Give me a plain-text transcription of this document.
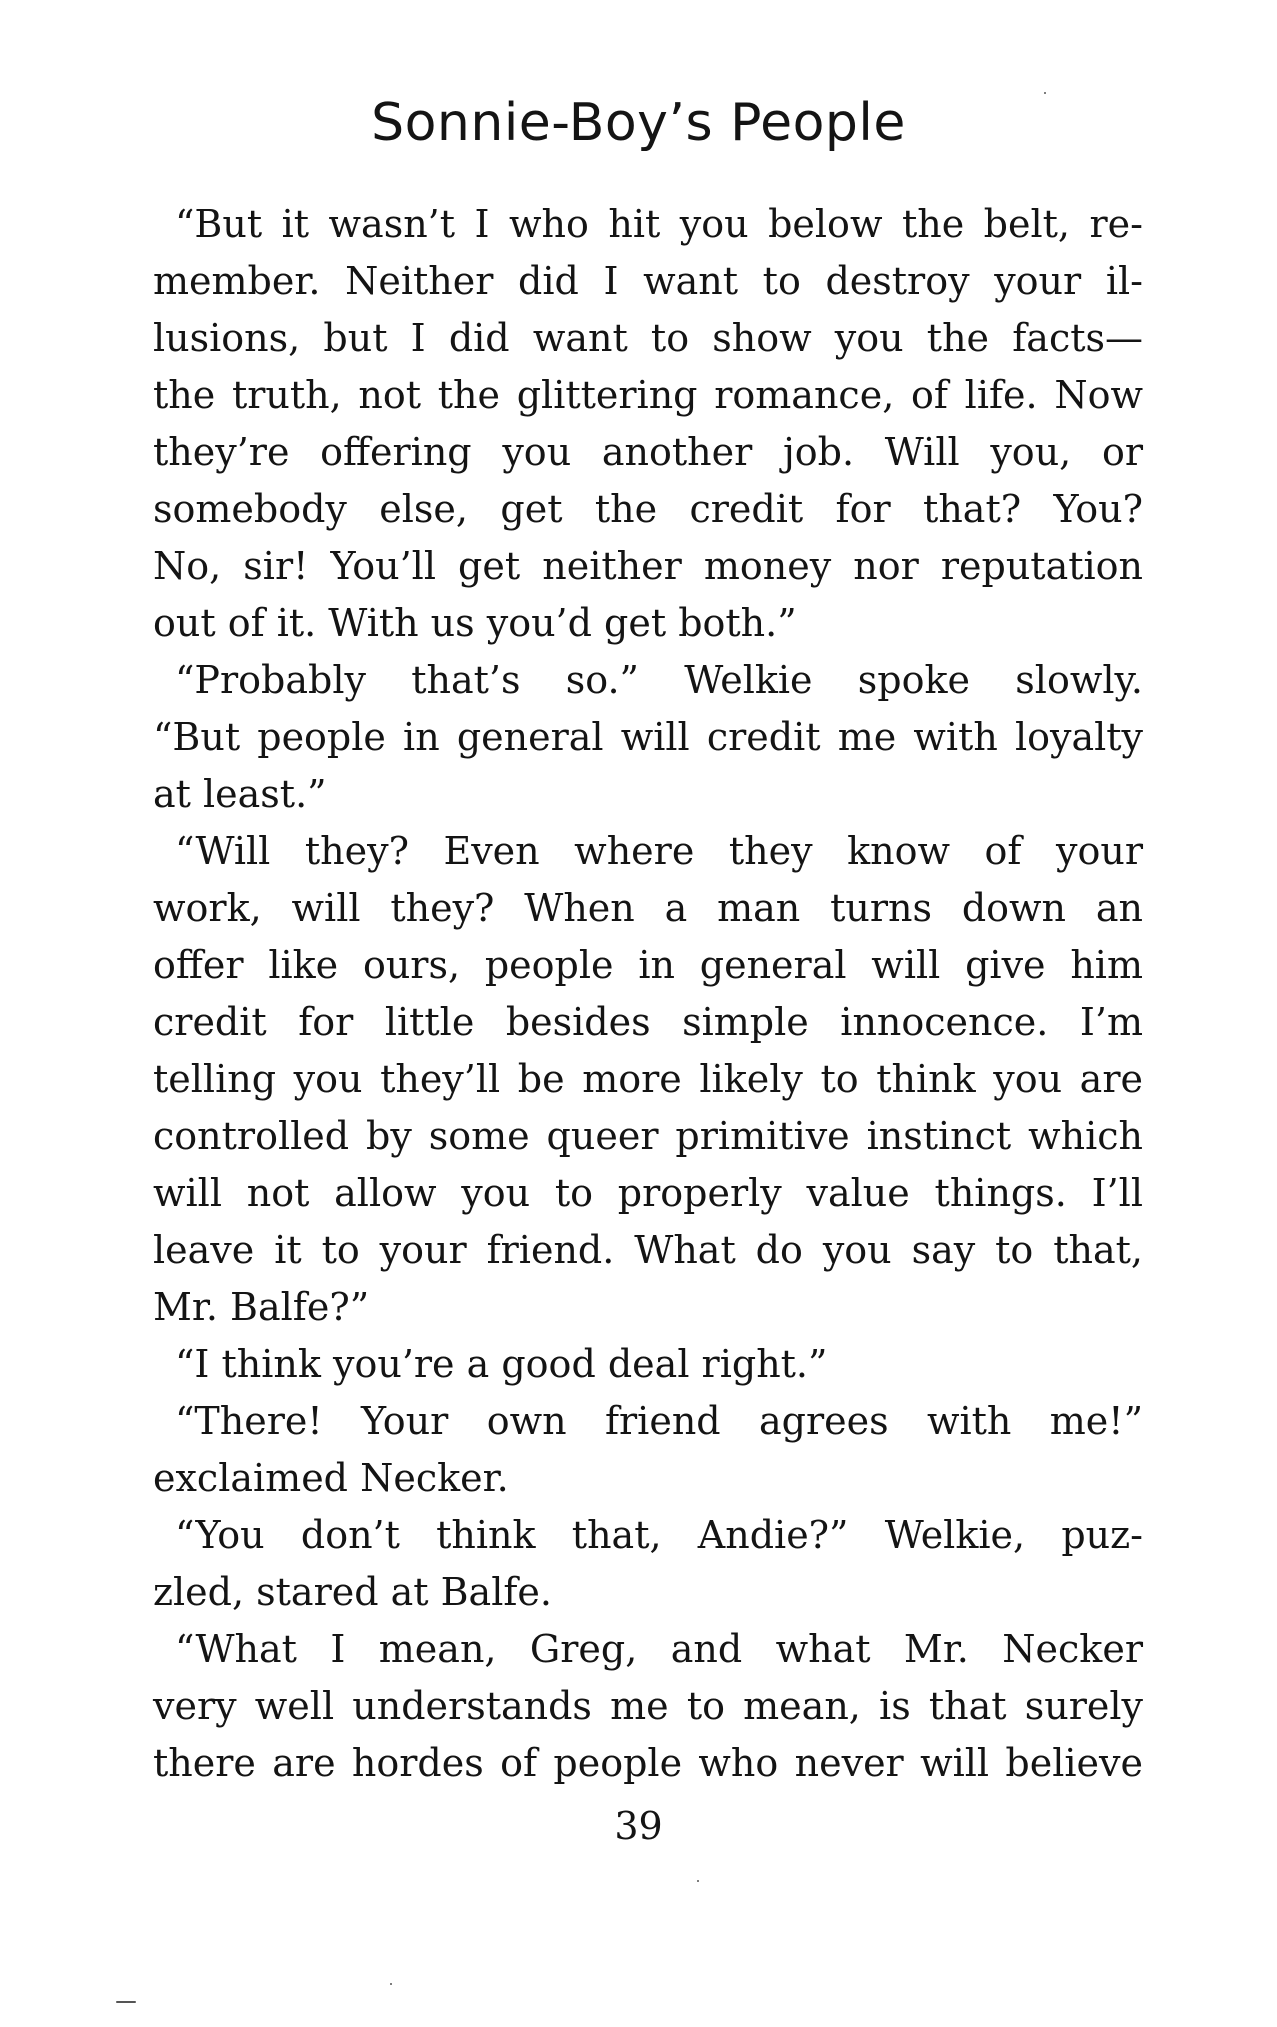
Sonnie-Boy’s People
“But it wasn’t I who hit you below the belt, re-
member. Neither did I want to destroy your il-
lusions, but I did want to show you the facts—
the truth, not the glittering romance, of life. Now
they’re offering you another job. Will you, or
somebody else, get the credit for that? You?
No, sir! You’ll get neither money nor reputation
out of it. With us you’d get both.”
“Probably that’s so.” Welkie spoke slowly.
“But people in general will credit me with loyalty
at least.”
“Will they? Even where they know of your
work, will they? When a man turns down an
offer like ours, people in general will give him
credit for little besides simple innocence. I’m
telling you they’ll be more likely to think you are
controlled by some queer primitive instinct which
will not allow you to properly value things. I’ll
leave it to your friend. What do you say to that,
Mr. Balfe?”
“I think you’re a good deal right.”
“There! Your own friend agrees with me!”
exclaimed Necker.
“You don’t think that, Andie?” Welkie, puz-
zled, stared at Balfe.
“What I mean, Greg, and what Mr. Necker
very well understands me to mean, is that surely
there are hordes of people who never will believe
39
